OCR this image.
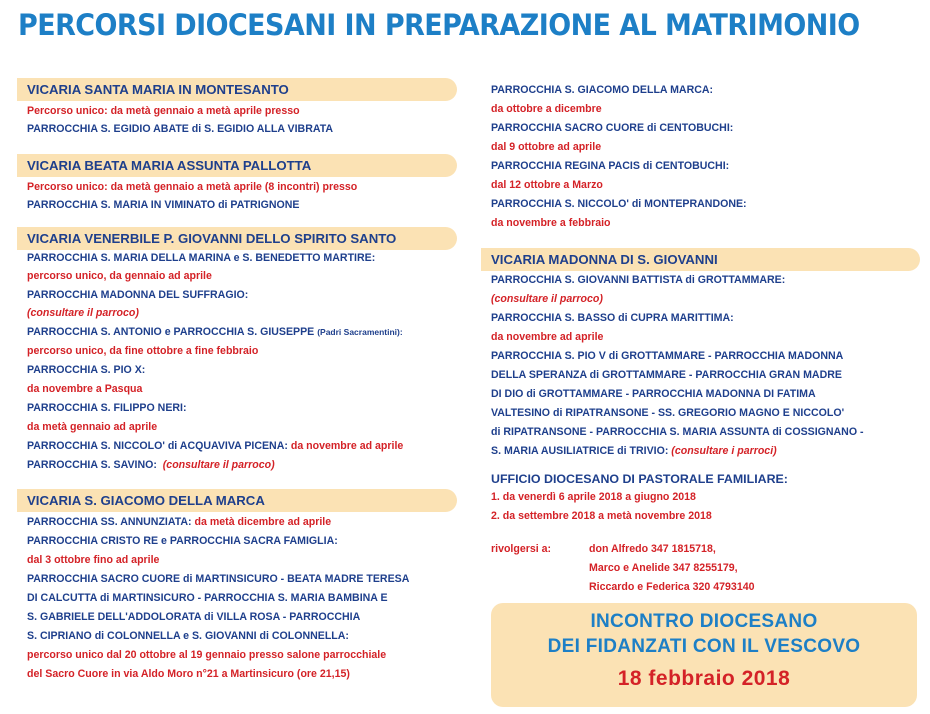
PERCORSI DIOCESANI IN PREPARAZIONE AL MATRIMONIO
VICARIA SANTA MARIA IN MONTESANTO
Percorso unico: da metà gennaio a metà aprile presso
PARROCCHIA S. EGIDIO ABATE di S. EGIDIO ALLA VIBRATA
VICARIA BEATA MARIA ASSUNTA PALLOTTA
Percorso unico: da metà gennaio a metà aprile (8 incontri) presso
PARROCCHIA S. MARIA IN VIMINATO di PATRIGNONE
VICARIA VENERBILE P. GIOVANNI DELLO SPIRITO SANTO
PARROCCHIA S. MARIA DELLA MARINA e S. BENEDETTO MARTIRE:
percorso unico, da gennaio ad aprile
PARROCCHIA MADONNA DEL SUFFRAGIO:
(consultare il parroco)
PARROCCHIA S. ANTONIO e PARROCCHIA S. GIUSEPPE (Padri Sacramentini):
percorso unico, da fine ottobre a fine febbraio
PARROCCHIA S. PIO X:
da novembre a Pasqua
PARROCCHIA S. FILIPPO NERI:
da metà gennaio ad aprile
PARROCCHIA S. NICCOLO' di ACQUAVIVA PICENA: da novembre ad aprile
PARROCCHIA S. SAVINO: (consultare il parroco)
VICARIA S. GIACOMO DELLA MARCA
PARROCCHIA SS. ANNUNZIATA: da metà dicembre ad aprile
PARROCCHIA CRISTO RE e PARROCCHIA SACRA FAMIGLIA:
dal 3 ottobre fino ad aprile
PARROCCHIA SACRO CUORE di MARTINSICURO - BEATA MADRE TERESA
DI CALCUTTA di MARTINSICURO - PARROCCHIA S. MARIA BAMBINA E
S. GABRIELE DELL'ADDOLORATA di VILLA ROSA - PARROCCHIA
S. CIPRIANO di COLONNELLA e S. GIOVANNI di COLONNELLA:
percorso unico dal 20 ottobre al 19 gennaio presso salone parrocchiale
del Sacro Cuore in via Aldo Moro n°21 a Martinsicuro (ore 21,15)
PARROCCHIA S. GIACOMO DELLA MARCA:
da ottobre a dicembre
PARROCCHIA SACRO CUORE di CENTOBUCHI:
dal 9 ottobre ad aprile
PARROCCHIA REGINA PACIS di CENTOBUCHI:
dal 12 ottobre a Marzo
PARROCCHIA S. NICCOLO' di MONTEPRANDONE:
da novembre a febbraio
VICARIA MADONNA DI S. GIOVANNI
PARROCCHIA S. GIOVANNI BATTISTA di GROTTAMMARE:
(consultare il parroco)
PARROCCHIA S. BASSO di CUPRA MARITTIMA:
da novembre ad aprile
PARROCCHIA S. PIO V di GROTTAMMARE - PARROCCHIA MADONNA
DELLA SPERANZA di GROTTAMMARE - PARROCCHIA GRAN MADRE
DI DIO di GROTTAMMARE - PARROCCHIA MADONNA DI FATIMA
VALTESINO di RIPATRANSONE - SS. GREGORIO MAGNO E NICCOLO'
di RIPATRANSONE - PARROCCHIA S. MARIA ASSUNTA di COSSIGNANO -
S. MARIA AUSILIATRICE di TRIVIO: (consultare i parroci)
UFFICIO DIOCESANO DI PASTORALE FAMILIARE:
1. da venerdì 6 aprile 2018 a giugno 2018
2. da settembre 2018 a metà novembre 2018
rivolgersi a:	don Alfredo 347 1815718,
Marco e Anelide 347 8255179,
Riccardo e Federica 320 4793140
INCONTRO DIOCESANO
DEI FIDANZATI CON IL VESCOVO
18 febbraio 2018
